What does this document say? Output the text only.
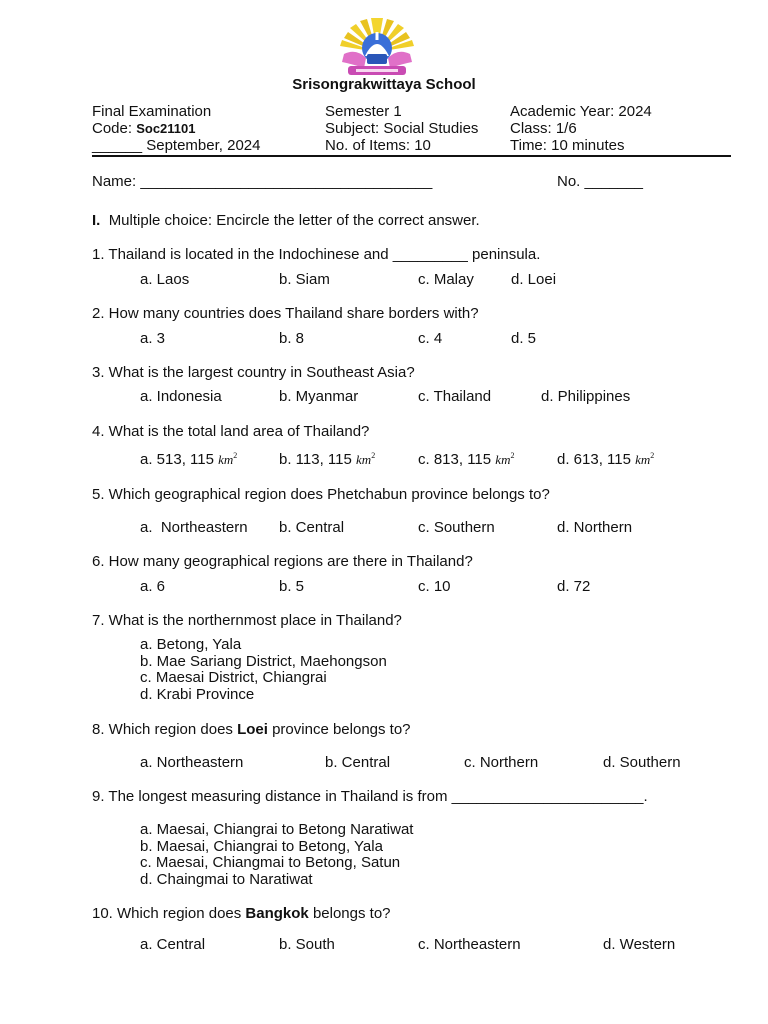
Srisongrakwittaya School
Final Examination
Code: Soc21101
______ September, 2024
Semester 1
Subject: Social Studies
No. of Items: 10
Academic Year: 2024
Class: 1/6
Time: 10 minutes
Name: ___________________________________	No. _______
I. Multiple choice: Encircle the letter of the correct answer.
1. Thailand is located in the Indochinese and _________ peninsula.
a. Laos	b. Siam	c. Malay d. Loei
2. How many countries does Thailand share borders with?
a. 3	b. 8	c. 4	d. 5
3. What is the largest country in Southeast Asia?
a. Indonesia	b. Myanmar	c. Thailand	d. Philippines
4. What is the total land area of Thailand?
a. 513, 115 $km^2$	b. 113, 115 $km^2$	c. 813, 115 $km^2$	d. 613, 115 $km^2$
5. Which geographical region does Phetchabun province belongs to?
a.  Northeastern b. Central	c. Southern	d. Northern
6. How many geographical regions are there in Thailand?
a. 6	b. 5	c. 10	d. 72
7. What is the northernmost place in Thailand?
a. Betong, Yala
b. Mae Sariang District, Maehongson
c. Maesai District, Chiangrai
d. Krabi Province
8. Which region does Loei province belongs to?
a. Northeastern	b. Central	c. Northern	d. Southern
9. The longest measuring distance in Thailand is from _______________________.
a. Maesai, Chiangrai to Betong Naratiwat
b. Maesai, Chiangrai to Betong, Yala
c. Maesai, Chiangmai to Betong, Satun
d. Chaingmai to Naratiwat
10. Which region does Bangkok belongs to?
a. Central	b. South	c. Northeastern	d. Western
